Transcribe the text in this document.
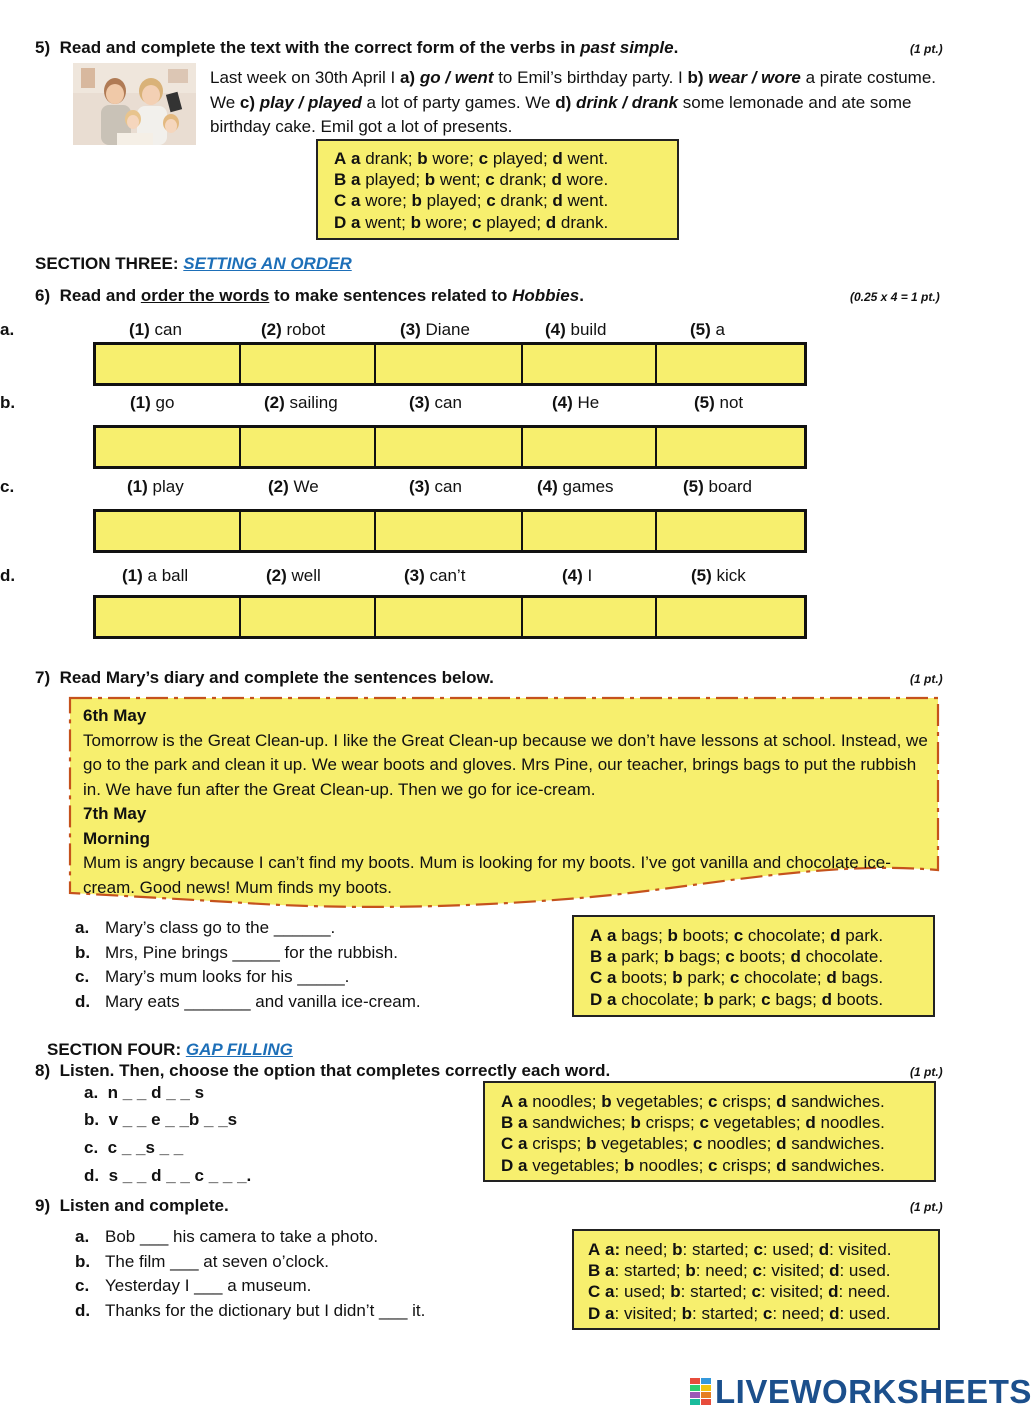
5) Read and complete the text with the correct form of the verbs in past simple.	(1 pt.)
Last week on 30th April I a) go / went to Emil’s birthday party. I b) wear / wore a pirate costume. We c) play / played a lot of party games. We d) drink / drank some lemonade and ate some birthday cake. Emil got a lot of presents.
A a drank; b wore; c played; d went.
B a played; b went; c drank; d wore.
C a wore; b played; c drank; d went.
D a went; b wore; c played; d drank.
SECTION THREE: SETTING AN ORDER
6) Read and order the words to make sentences related to Hobbies.	(0.25 x 4 = 1 pt.)
a.	(1) can	(2) robot	(3) Diane	(4) build	(5) a
b.	(1) go	(2) sailing	(3) can	(4) He	(5) not
c.	(1) play	(2) We	(3) can	(4) games	(5) board
d.	(1) a ball	(2) well	(3) can’t	(4) I	(5) kick
7) Read Mary’s diary and complete the sentences below.	(1 pt.)
6th May
Tomorrow is the Great Clean-up. I like the Great Clean-up because we don’t have lessons at school. Instead, we go to the park and clean it up. We wear boots and gloves. Mrs Pine, our teacher, brings bags to put the rubbish in. We have fun after the Great Clean-up. Then we go for ice-cream.
7th May
Morning
Mum is angry because I can’t find my boots. Mum is looking for my boots. I’ve got vanilla and chocolate ice-cream. Good news! Mum finds my boots.
a. Mary’s class go to the ______.
b. Mrs, Pine brings _____ for the rubbish.
c. Mary’s mum looks for his _____.
d. Mary eats _______ and vanilla ice-cream.
A a bags; b boots; c chocolate; d park.
B a park; b bags; c boots; d chocolate.
C a boots; b park; c chocolate; d bags.
D a chocolate; b park; c bags; d boots.
SECTION FOUR: GAP FILLING
8) Listen. Then, choose the option that completes correctly each word.	(1 pt.)
a. n _ _ d _ _ s
b. v _ _ e _ _b _ _s
c. c _ _s _ _
d. s _ _ d _ _ c _ _ _.
A a noodles; b vegetables; c crisps; d sandwiches.
B a sandwiches; b crisps; c vegetables; d noodles.
C a crisps; b vegetables; c noodles; d sandwiches.
D a vegetables; b noodles; c crisps; d sandwiches.
9) Listen and complete.	(1 pt.)
a. Bob ___ his camera to take a photo.
b. The film ___ at seven o’clock.
c. Yesterday I ___ a museum.
d. Thanks for the dictionary but I didn’t ___ it.
A a: need; b: started; c: used; d: visited.
B a: started; b: need; c: visited; d: used.
C a: used; b: started; c: visited; d: need.
D a: visited; b: started; c: need; d: used.
LIVEWORKSHEETS
